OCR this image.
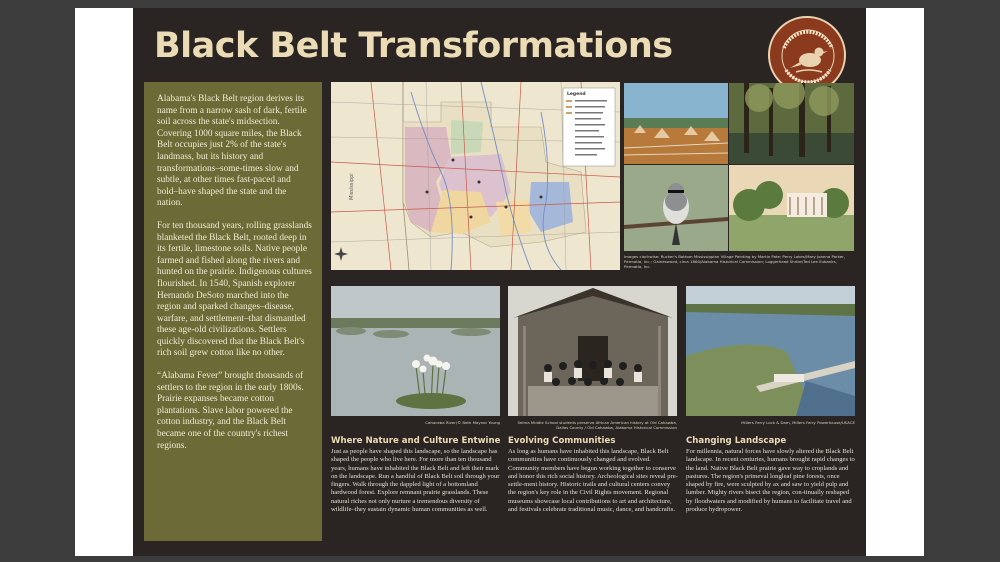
Black Belt Transformations

Alabama's Black Belt region derives its name from a narrow sash of dark, fertile soil across the state's midsection. Covering 1000 square miles, the Black Belt occupies just 2% of the state's landmass, but its history and transformations–some-times slow and subtle, at other times fast-paced and bold–have shaped the state and the nation.

For ten thousand years, rolling grasslands blanketed the Black Belt, rooted deep in its fertile, limestone soils. Native people farmed and fished along the rivers and hunted on the prairie. Indigenous cultures flourished. In 1540, Spanish explorer Hernando DeSoto marched into the region and sparked changes–disease, warfare, and settlement–that dismantled these age-old civilizations. Settlers quickly discovered that the Black Belt's rich soil grew cotton like no other.

“Alabama Fever” brought thousands of settlers to the region in the early 1800s. Prairie expanses became cotton plantations. Slave labor powered the cotton industry, and the Black Belt became one of the country's richest regions.

Legend
Mississippi
Images clockwise: Rucker's Bottom Mississippian Village Painting by Martin Pate; Perry Lakes/Mary Joanna Parker, Permatia, Inc.; Gaineswood, circa 1860/Alabama Historical Commission; Loggerhead Shrike/Ted Lee Eubanks, Permatia, Inc.
Cahaceba River/© Beth Maynor Young	Selma Middle School students preserve African American history at Old Cahawba, Dallas County / Old Cahawba, Alabama Historical Commission
Millers Ferry Lock & Dam, Millers Ferry Powerhouse/USACE
Where Nature and Culture Entwine

Just as people have shaped this landscape, so the landscape has shaped the people who live here. For more than ten thousand years, humans have inhabited the Black Belt and left their mark on the landscape. Run a handful of Black Belt soil through your fingers. Walk through the dappled light of a bottomland hardwood forest. Explore remnant prairie grasslands. These natural riches not only nurture a tremendous diversity of wildlife–they sustain dynamic human communities as well.

Evolving Communities

As long as humans have inhabited this landscape, Black Belt communities have continuously changed and evolved. Community members have begun working together to conserve and honor this rich social history. Archeological sites reveal pre-settle-ment history. Historic trails and cultural centers convey the region's key role in the Civil Rights movement. Regional museums showcase local contributions to art and architecture, and festivals celebrate traditional music, dance, and handcrafts.

Changing Landscape

For millennia, natural forces have slowly altered the Black Belt landscape. In recent centuries, humans brought rapid changes to the land. Native Black Belt prairie gave way to croplands and pastures. The region's primeval longleaf pine forests, once shaped by fire, were sculpted by ax and saw to yield pulp and lumber. Mighty rivers bisect the region, con-tinually reshaped by floodwaters and modified by humans to facilitate travel and produce hydropower.
